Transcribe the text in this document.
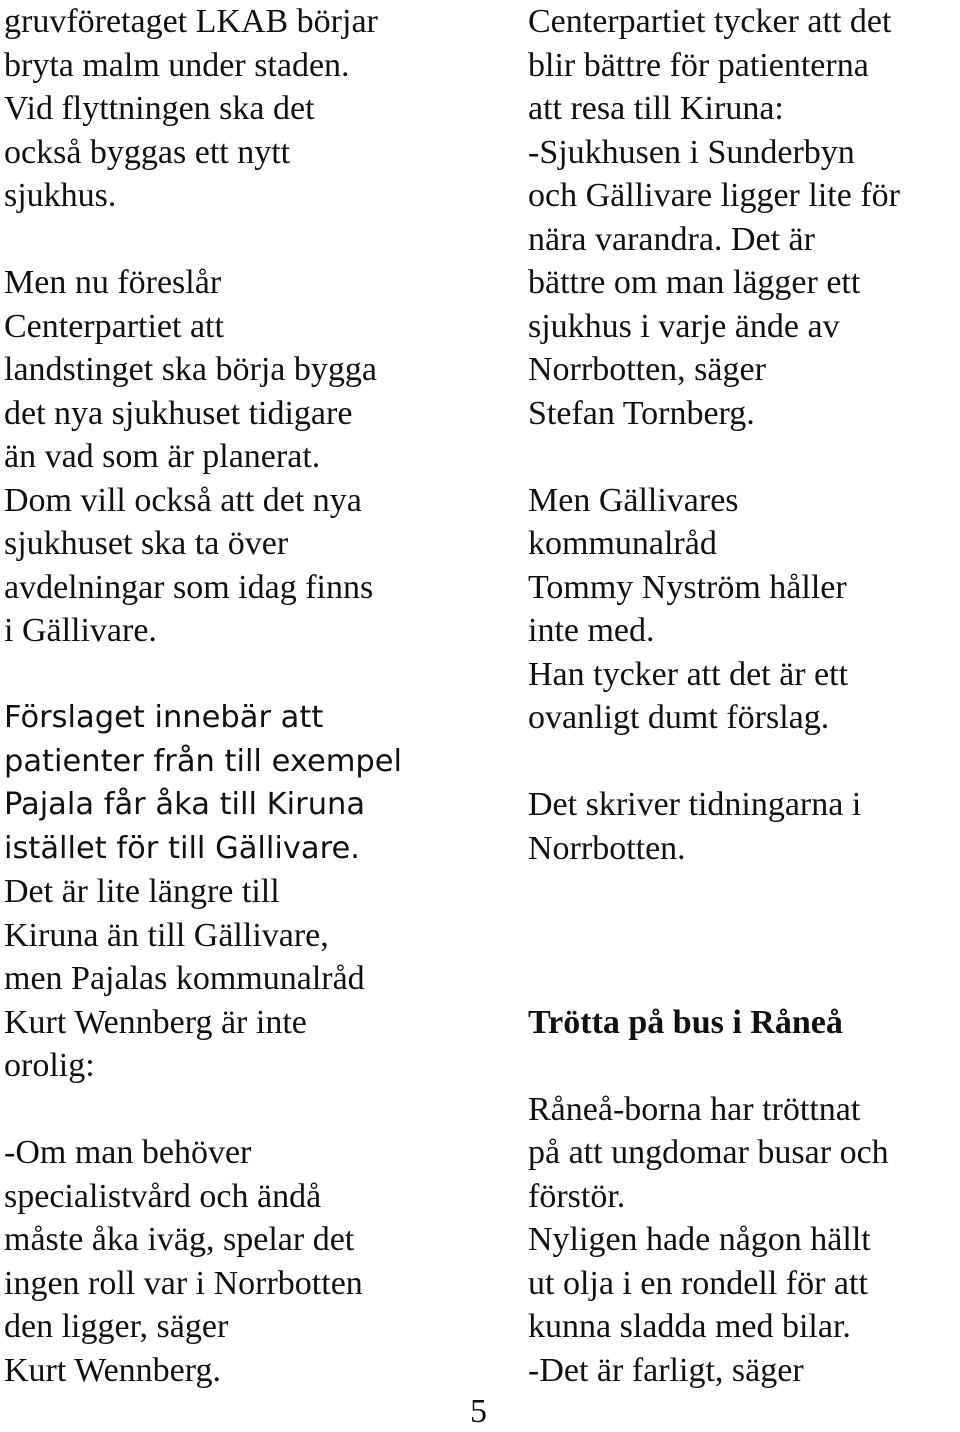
gruvföretaget LKAB börjar
bryta malm under staden.
Vid flyttningen ska det
också byggas ett nytt
sjukhus.
Men nu föreslår
Centerpartiet att
landstinget ska börja bygga
det nya sjukhuset tidigare
än vad som är planerat.
Dom vill också att det nya
sjukhuset ska ta över
avdelningar som idag finns
i Gällivare.
Förslaget innebär att
patienter från till exempel
Pajala får åka till Kiruna
istället för till Gällivare.
Det är lite längre till
Kiruna än till Gällivare,
men Pajalas kommunalråd
Kurt Wennberg är inte
orolig:
-Om man behöver
specialistvård och ändå
måste åka iväg, spelar det
ingen roll var i Norrbotten
den ligger, säger
Kurt Wennberg.
Centerpartiet tycker att det
blir bättre för patienterna
att resa till Kiruna:
-Sjukhusen i Sunderbyn
och Gällivare ligger lite för
nära varandra. Det är
bättre om man lägger ett
sjukhus i varje ände av
Norrbotten, säger
Stefan Tornberg.
Men Gällivares
kommunalråd
Tommy Nyström håller
inte med.
Han tycker att det är ett
ovanligt dumt förslag.
Det skriver tidningarna i
Norrbotten.
Trötta på bus i Råneå
Råneå-borna har tröttnat
på att ungdomar busar och
förstör.
Nyligen hade någon hällt
ut olja i en rondell för att
kunna sladda med bilar.
-Det är farligt, säger
5
